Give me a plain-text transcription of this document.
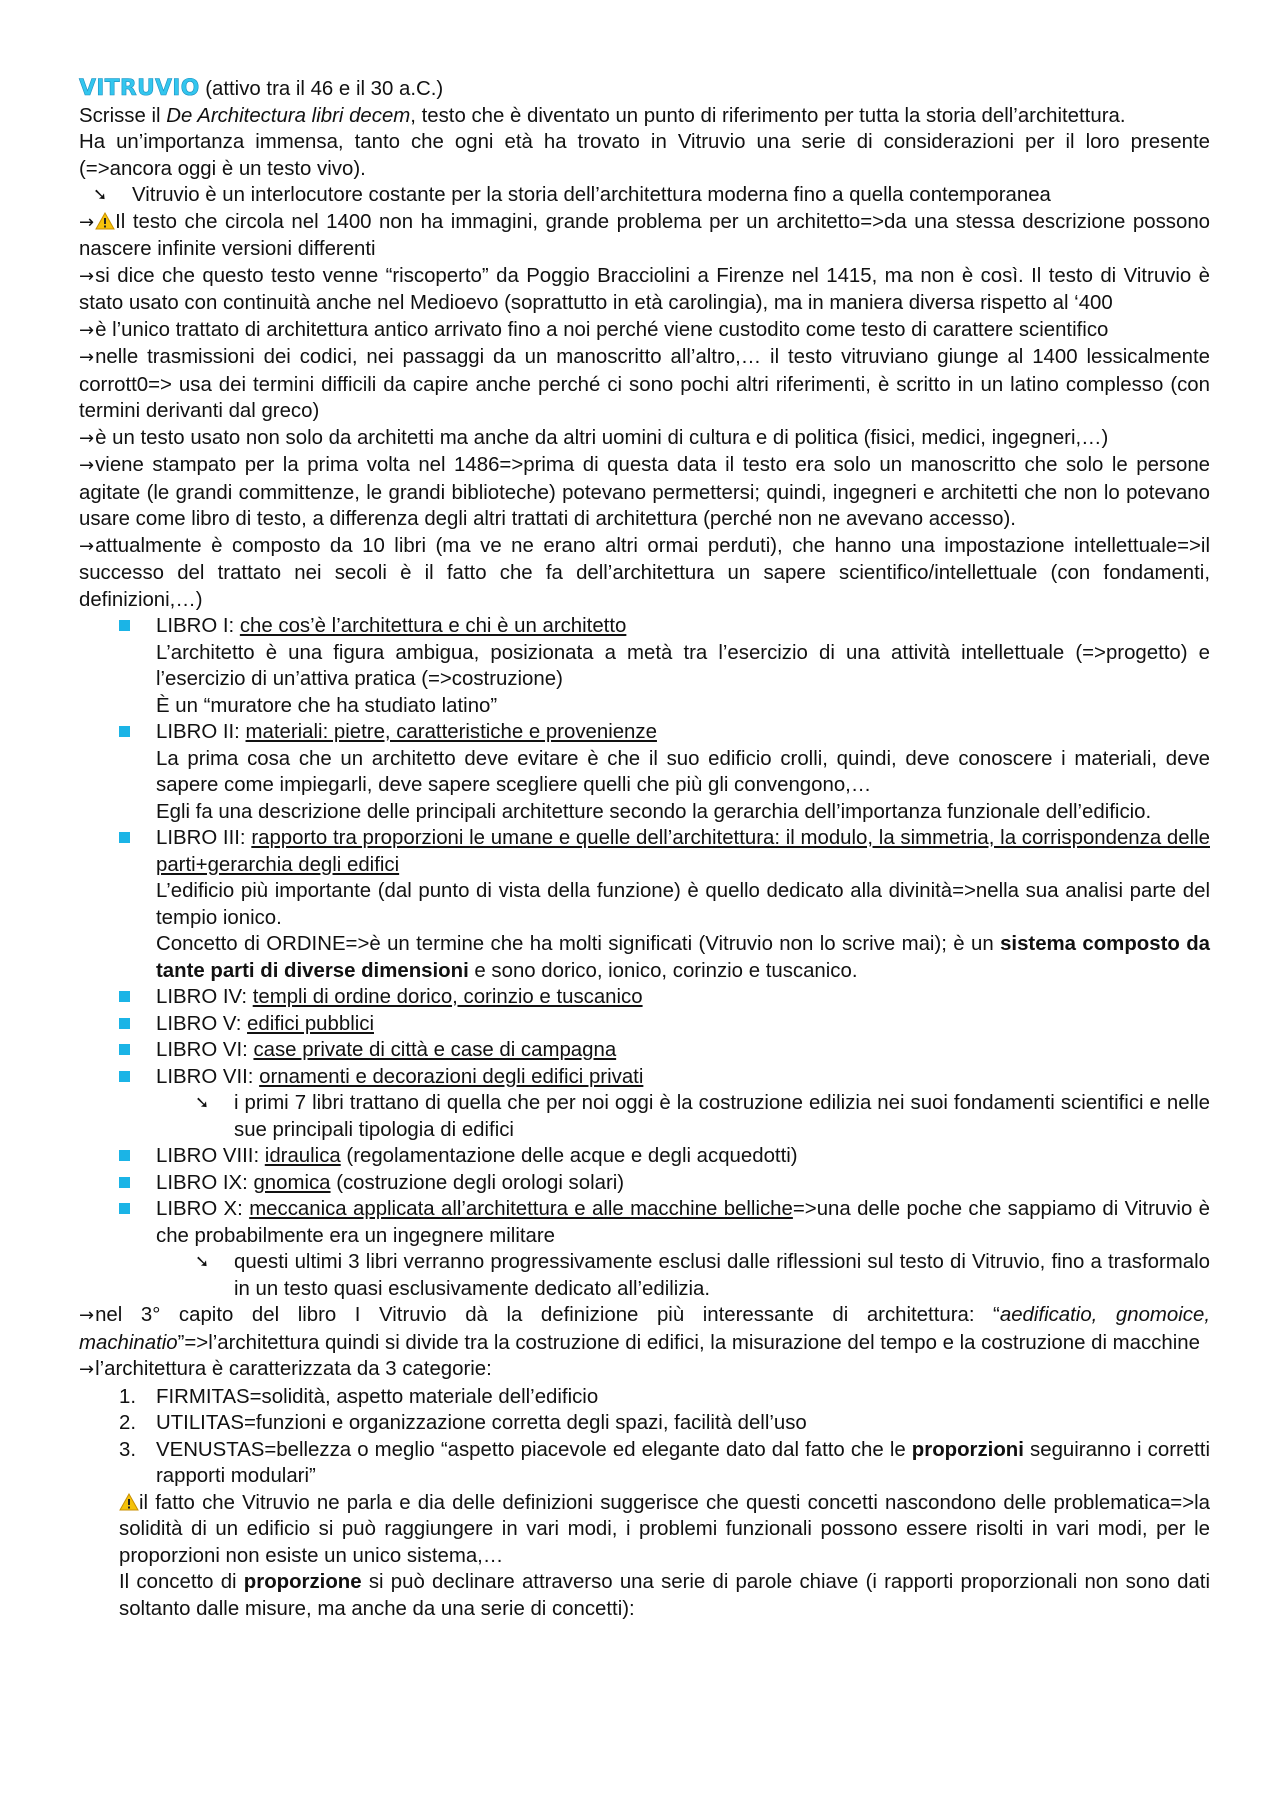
VITRUVIO (attivo tra il 46 e il 30 a.C.)

Scrisse il De Architectura libri decem, testo che è diventato un punto di riferimento per tutta la storia dell’architettura.

Ha un’importanza immensa, tanto che ogni età ha trovato in Vitruvio una serie di considerazioni per il loro presente (=>ancora oggi è un testo vivo).

➘ Vitruvio è un interlocutore costante per la storia dell’architettura moderna fino a quella contemporanea

→ Il testo che circola nel 1400 non ha immagini, grande problema per un architetto=>da una stessa descrizione possono nascere infinite versioni differenti

→si dice che questo testo venne “riscoperto” da Poggio Bracciolini a Firenze nel 1415, ma non è così. Il testo di Vitruvio è stato usato con continuità anche nel Medioevo (soprattutto in età carolingia), ma in maniera diversa rispetto al ‘400

→è l’unico trattato di architettura antico arrivato fino a noi perché viene custodito come testo di carattere scientifico

→nelle trasmissioni dei codici, nei passaggi da un manoscritto all’altro,… il testo vitruviano giunge al 1400 lessicalmente corrott0=> usa dei termini difficili da capire anche perché ci sono pochi altri riferimenti, è scritto in un latino complesso (con termini derivanti dal greco)

→è un testo usato non solo da architetti ma anche da altri uomini di cultura e di politica (fisici, medici, ingegneri,…)

→viene stampato per la prima volta nel 1486=>prima di questa data il testo era solo un manoscritto che solo le persone agitate (le grandi committenze, le grandi biblioteche) potevano permettersi; quindi, ingegneri e architetti che non lo potevano usare come libro di testo, a differenza degli altri trattati di architettura (perché non ne avevano accesso).

→attualmente è composto da 10 libri (ma ve ne erano altri ormai perduti), che hanno una impostazione intellettuale=>il successo del trattato nei secoli è il fatto che fa dell’architettura un sapere scientifico/intellettuale (con fondamenti, definizioni,…)

LIBRO I: che cos’è l’architettura e chi è un architetto
L’architetto è una figura ambigua, posizionata a metà tra l’esercizio di una attività intellettuale (=>progetto) e l’esercizio di un’attiva pratica (=>costruzione)
È un “muratore che ha studiato latino”
LIBRO II: materiali: pietre, caratteristiche e provenienze
La prima cosa che un architetto deve evitare è che il suo edificio crolli, quindi, deve conoscere i materiali, deve sapere come impiegarli, deve sapere scegliere quelli che più gli convengono,…
Egli fa una descrizione delle principali architetture secondo la gerarchia dell’importanza funzionale dell’edificio.
LIBRO III: rapporto tra proporzioni le umane e quelle dell’architettura: il modulo, la simmetria, la corrispondenza delle parti+gerarchia degli edifici
L’edificio più importante (dal punto di vista della funzione) è quello dedicato alla divinità=>nella sua analisi parte del tempio ionico.
Concetto di ORDINE=>è un termine che ha molti significati (Vitruvio non lo scrive mai); è un sistema composto da tante parti di diverse dimensioni e sono dorico, ionico, corinzio e tuscanico.
LIBRO IV: templi di ordine dorico, corinzio e tuscanico
LIBRO V: edifici pubblici
LIBRO VI: case private di città e case di campagna
LIBRO VII: ornamenti e decorazioni degli edifici privati

➘ i primi 7 libri trattano di quella che per noi oggi è la costruzione edilizia nei suoi fondamenti scientifici e nelle sue principali tipologia di edifici

LIBRO VIII: idraulica (regolamentazione delle acque e degli acquedotti)
LIBRO IX: gnomica (costruzione degli orologi solari)
LIBRO X: meccanica applicata all’architettura e alle macchine belliche=>una delle poche che sappiamo di Vitruvio è che probabilmente era un ingegnere militare

➘ questi ultimi 3 libri verranno progressivamente esclusi dalle riflessioni sul testo di Vitruvio, fino a trasformalo in un testo quasi esclusivamente dedicato all’edilizia.

→nel 3° capito del libro I Vitruvio dà la definizione più interessante di architettura: “aedificatio, gnomoice, machinatio”=>l’architettura quindi si divide tra la costruzione di edifici, la misurazione del tempo e la costruzione di macchine

→l’architettura è caratterizzata da 3 categorie:

1. FIRMITAS=solidità, aspetto materiale dell’edificio

2. UTILITAS=funzioni e organizzazione corretta degli spazi, facilità dell’uso

3. VENUSTAS=bellezza o meglio “aspetto piacevole ed elegante dato dal fatto che le proporzioni seguiranno i corretti rapporti modulari”

il fatto che Vitruvio ne parla e dia delle definizioni suggerisce che questi concetti nascondono delle problematica=>la solidità di un edificio si può raggiungere in vari modi, i problemi funzionali possono essere risolti in vari modi, per le proporzioni non esiste un unico sistema,…

Il concetto di proporzione si può declinare attraverso una serie di parole chiave (i rapporti proporzionali non sono dati soltanto dalle misure, ma anche da una serie di concetti):
